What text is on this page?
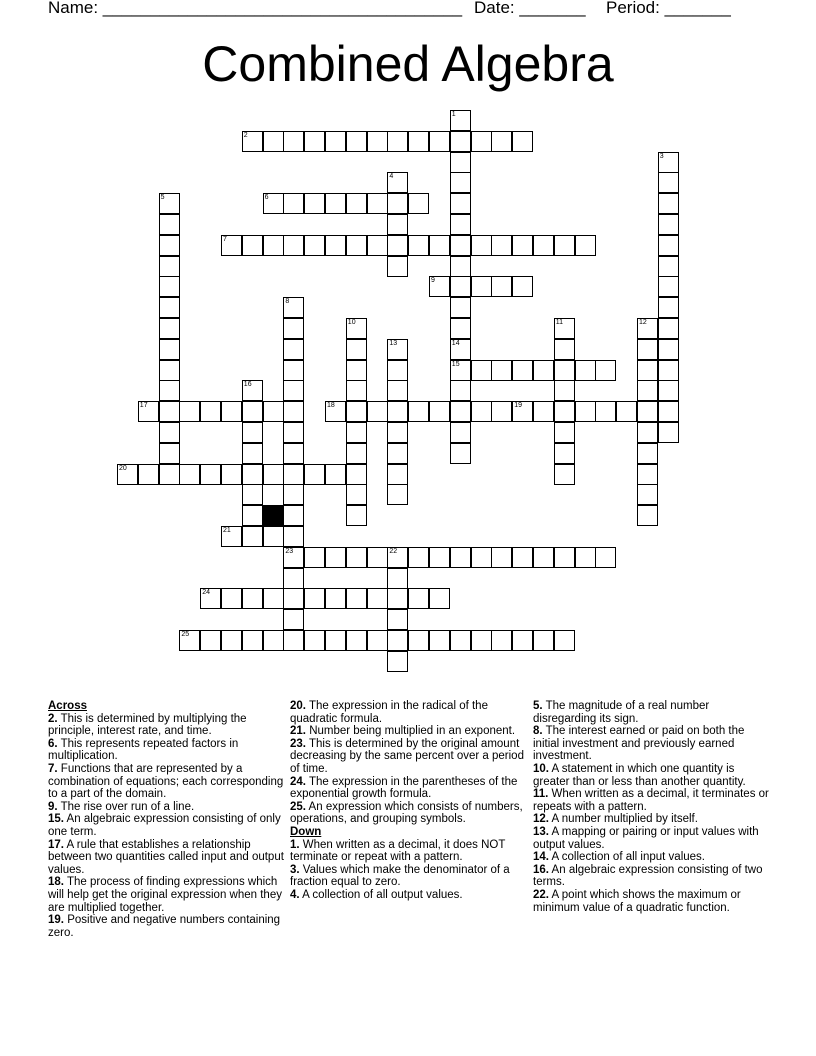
Name: ______________________________________ Date: _______ Period: _______
Combined Algebra
2
6
7
9
15
17	18	19
20
21
23	22
24
25
1
14
3
4
5
8
10	11	12
13
16
Across
2. This is determined by multiplying the principle, interest rate, and time.
6. This represents repeated factors in multiplication.
7. Functions that are represented by a combination of equations; each corresponding to a part of the domain.
9. The rise over run of a line.
15. An algebraic expression consisting of only one term.
17. A rule that establishes a relationship between two quantities called input and output values.
18. The process of finding expressions which will help get the original expression when they are multiplied together.
19. Positive and negative numbers containing zero.
20. The expression in the radical of the quadratic formula.
21. Number being multiplied in an exponent.
23. This is determined by the original amount decreasing by the same percent over a period of time.
24. The expression in the parentheses of the exponential growth formula.
25. An expression which consists of numbers, operations, and grouping symbols.
Down
1. When written as a decimal, it does NOT terminate or repeat with a pattern.
3. Values which make the denominator of a fraction equal to zero.
4. A collection of all output values.
5. The magnitude of a real number disregarding its sign.
8. The interest earned or paid on both the initial investment and previously earned investment.
10. A statement in which one quantity is greater than or less than another quantity.
11. When written as a decimal, it terminates or repeats with a pattern.
12. A number multiplied by itself.
13. A mapping or pairing or input values with output values.
14. A collection of all input values.
16. An algebraic expression consisting of two terms.
22. A point which shows the maximum or minimum value of a quadratic function.
